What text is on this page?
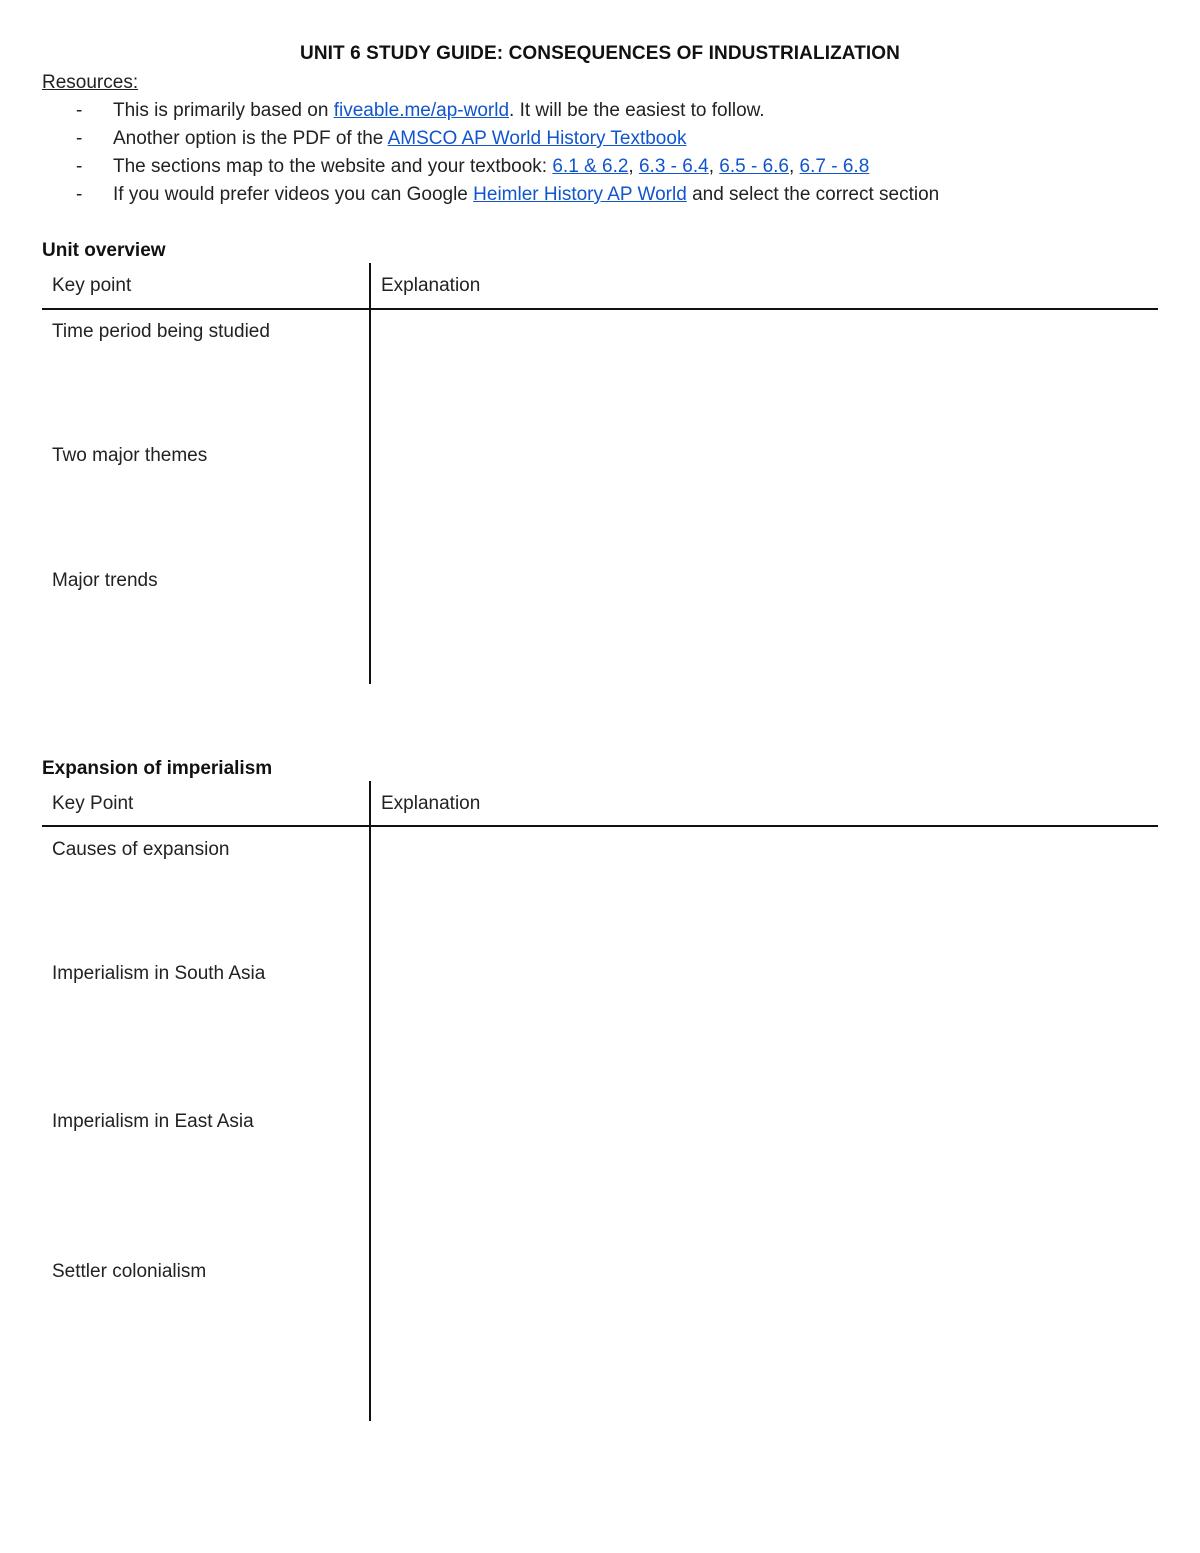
UNIT 6 STUDY GUIDE: CONSEQUENCES OF INDUSTRIALIZATION
Resources:
- This is primarily based on fiveable.me/ap-world. It will be the easiest to follow.
- Another option is the PDF of the AMSCO AP World History Textbook
- The sections map to the website and your textbook: 6.1 & 6.2, 6.3 - 6.4, 6.5 - 6.6, 6.7 - 6.8
- If you would prefer videos you can Google Heimler History AP World and select the correct section
Unit overview
Key point	Explanation
Time period being studied
Two major themes
Major trends
Expansion of imperialism
Key Point	Explanation
Causes of expansion
Imperialism in South Asia
Imperialism in East Asia
Settler colonialism
